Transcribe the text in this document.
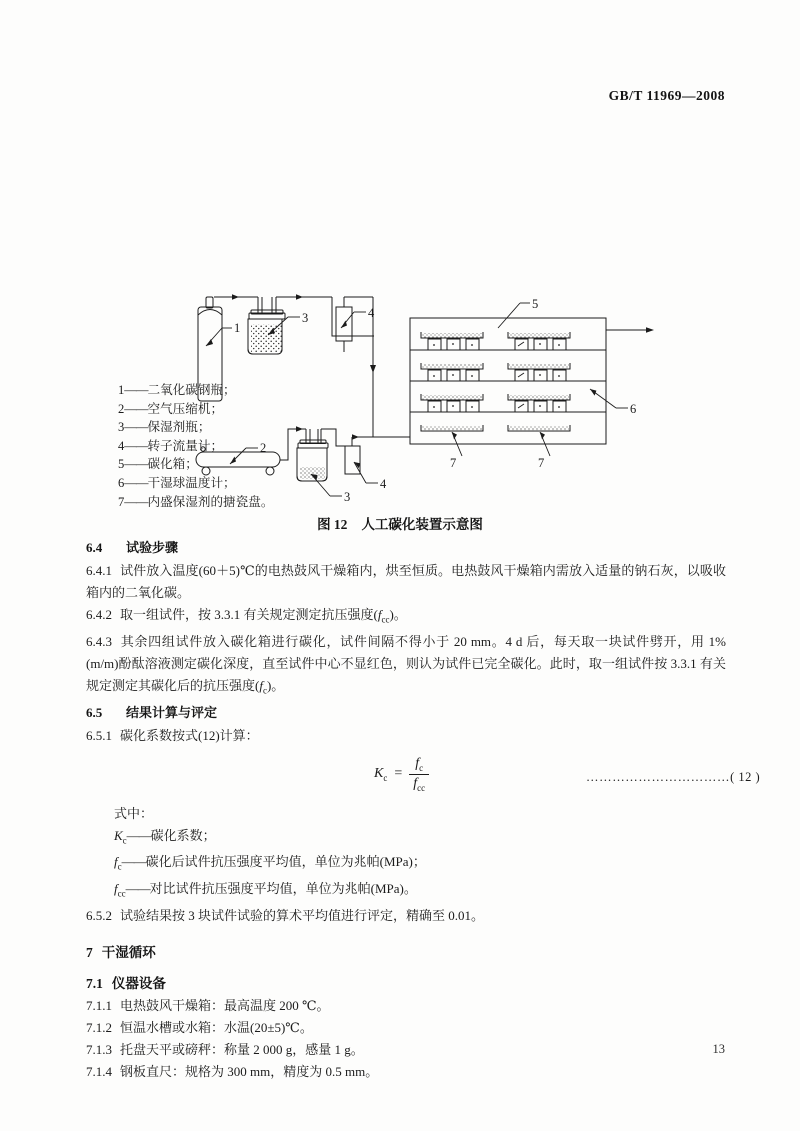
GB/T 11969—2008
1
2
3
3
4
4
5
6
7	7
1——二氧化碳钢瓶；
2——空气压缩机；
3——保湿剂瓶；
4——转子流量计；
5——碳化箱；
6——干湿球温度计；
7——内盛保湿剂的搪瓷盘。
图 12 人工碳化装置示意图
6.4 试验步骤
6.4.1 试件放入温度(60＋5)℃的电热鼓风干燥箱内，烘至恒质。电热鼓风干燥箱内需放入适量的钠石灰，以吸收箱内的二氧化碳。
6.4.2 取一组试件，按 3.3.1 有关规定测定抗压强度$(f_{cc})$。
6.4.3 其余四组试件放入碳化箱进行碳化，试件间隔不得小于 20 mm。4 d 后，每天取一块试件劈开，用 1%(m/m)酚酞溶液测定碳化深度，直至试件中心不显红色，则认为试件已完全碳化。此时，取一组试件按 3.3.1 有关规定测定其碳化后的抗压强度$(f_c)$。
6.5 结果计算与评定
6.5.1 碳化系数按式(12)计算：
$K_c = \frac{f_c}{f_{cc}}$	……………………………( 12 )
式中：
$K_c——$碳化系数；
$f_c——$碳化后试件抗压强度平均值，单位为兆帕(MPa)；
$f_{cc}——$对比试件抗压强度平均值，单位为兆帕(MPa)。
6.5.2 试验结果按 3 块试件试验的算术平均值进行评定，精确至 0.01。
7 干湿循环
7.1 仪器设备
7.1.1 电热鼓风干燥箱：最高温度 200 ℃。
7.1.2 恒温水槽或水箱：水温(20±5)℃。
7.1.3 托盘天平或磅秤：称量 2 000 g，感量 1 g。
7.1.4 钢板直尺：规格为 300 mm，精度为 0.5 mm。
13
